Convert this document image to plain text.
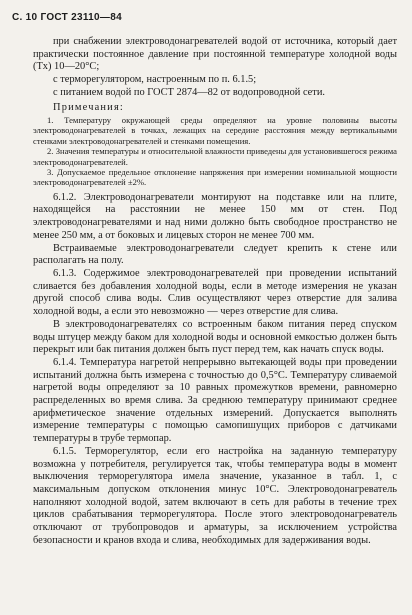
С. 10 ГОСТ 23110—84

при снабжении электроводонагревателей водой от источника, который дает практически постоянное давление при постоянной температуре холодной воды (Tx) 10—20°С;

с терморегулятором, настроенным по п. 6.1.5;

с питанием водой по ГОСТ 2874—82 от водопроводной сети.

Примечания:

1. Температуру окружающей среды определяют на уровне половины высоты электроводонагревателей в точках, лежащих на середине расстояния между вертикальными стенками электроводонагревателей и стенками помещения.

2. Значения температуры и относительной влажности приведены для установившегося режима электроводонагревателей.

3. Допускаемое предельное отклонение напряжения при измерении номинальной мощности электроводонагревателей ±2%.

6.1.2. Электроводонагреватели монтируют на подставке или на плите, находящейся на расстоянии не менее 150 мм от стен. Под электроводонагревателями и над ними должно быть свободное пространство не менее 250 мм, а от боковых и лицевых сторон не менее 700 мм.

Встраиваемые электроводонагреватели следует крепить к стене или располагать на полу.

6.1.3. Содержимое электроводонагревателей при проведении испытаний сливается без добавления холодной воды, если в методе измерения не указан другой способ слива воды. Слив осуществляют через отверстие для залива холодной воды, а если это невозможно — через отверстие для слива.

В электроводонагревателях со встроенным баком питания перед спуском воды штуцер между баком для холодной воды и основной емкостью должен быть перекрыт или бак питания должен быть пуст перед тем, как начать спуск воды.

6.1.4. Температура нагретой непрерывно вытекающей воды при проведении испытаний должна быть измерена с точностью до 0,5°С. Температуру сливаемой нагретой воды определяют за 10 равных промежутков времени, равномерно распределенных во время слива. За среднюю температуру принимают среднее арифметическое значение отдельных измерений. Допускается выполнять измерение температуры с помощью самопишущих приборов с датчиками температуры в трубе термопар.

6.1.5. Терморегулятор, если его настройка на заданную температуру возможна у потребителя, регулируется так, чтобы температура воды в момент выключения терморегулятора имела значение, указанное в табл. 1, с максимальным допуском отклонения минус 10°С. Электроводонагреватель наполняют холодной водой, затем включают в сеть для работы в течение трех циклов срабатывания терморегулятора. После этого электроводонагреватель отключают от трубопроводов и арматуры, за исключением устройства безопасности и кранов входа и слива, необходимых для задерживания воды.
